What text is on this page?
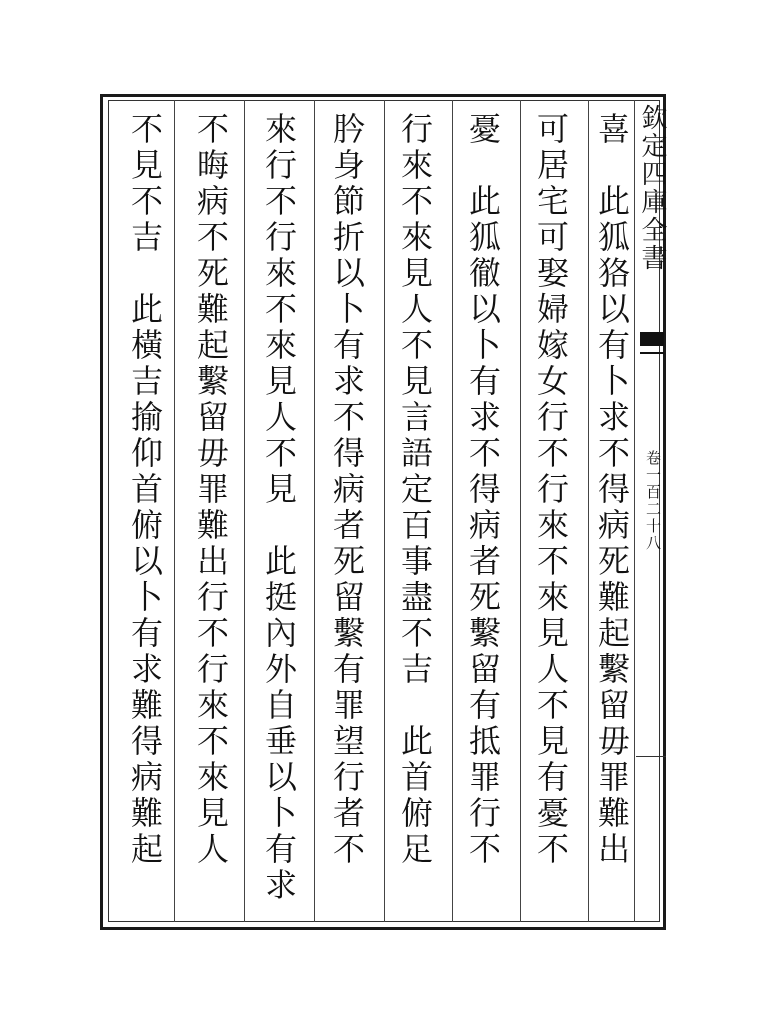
喜　此狐狢以有卜求不得病死難起繫留毋罪難出
可居宅可娶婦嫁女行不行來不來見人不見有憂不
憂　此狐徹以卜有求不得病者死繫留有抵罪行不
行來不來見人不見言語定百事盡不吉　此首俯足
肣身節折以卜有求不得病者死留繫有罪望行者不
來行不行來不來見人不見　此挺內外自垂以卜有求
不晦病不死難起繫留毋罪難出行不行來不來見人
不見不吉　此橫吉揄仰首俯以卜有求難得病難起	欽定四庫全書
卷一百二十八
